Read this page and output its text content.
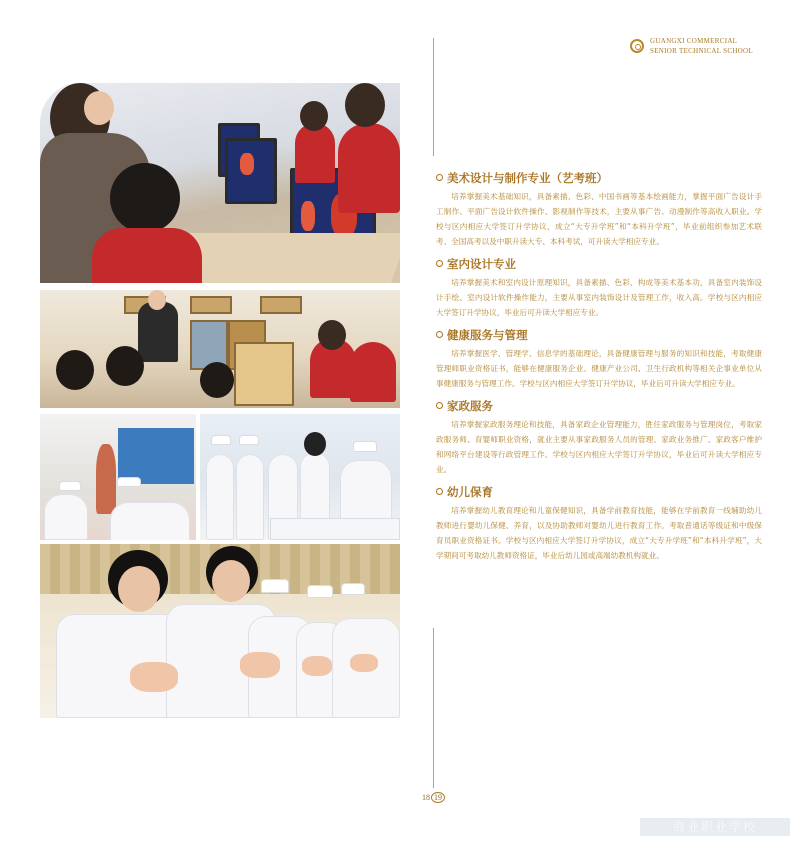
GUANGXI COMMERCIAL
SENIOR TECHNICAL SCHOOL
美术设计与制作专业（艺考班）
培养掌握美术基础知识，具备素描、色彩、中国书画等基本绘画能力，掌握平面广告设计手工制作、平面广告设计软件操作、影视制作等技术，主要从事广告、动漫制作等高收入职业。学校与区内相应大学签订升学协议，成立“大专升学班”和“本科升学班”，毕业前组织参加艺术联考、全国高考以及中职升读大专、本科考试，可升读大学相应专业。
室内设计专业
培养掌握美术和室内设计原理知识，具备素描、色彩、构成等美术基本功，具备室内装饰设计手绘、室内设计软件操作能力，主要从事室内装饰设计及管理工作，收入高。学校与区内相应大学签订升学协议，毕业后可升读大学相应专业。
健康服务与管理
培养掌握医学、管理学、信息学的基础理论，具备健康管理与服务的知识和技能，考取健康管理师职业资格证书，能够在健康服务企业、健康产业公司、卫生行政机构等相关企事业单位从事健康服务与管理工作。学校与区内相应大学签订升学协议，毕业后可升读大学相应专业。
家政服务
培养掌握家政服务理论和技能，具备家政企业管理能力，胜任家政服务与管理岗位，考取家政服务师、育婴师职业资格，就业主要从事家政服务人员的管理、家政业务推广、家政客户维护和网络平台建设等行政管理工作。学校与区内相应大学签订升学协议，毕业后可升读大学相应专业。
幼儿保育
培养掌握幼儿教育理论和儿童保健知识，具备学前教育技能，能够在学前教育一线辅助幼儿教师进行婴幼儿保健、养育，以及协助教师对婴幼儿进行教育工作。考取普通话等级证和中级保育员职业资格证书。学校与区内相应大学签订升学协议，成立“大专升学班”和“本科升学班”，大学期间可考取幼儿教师资格证，毕业后幼儿园或高端幼教机构就业。
18 19
商业职业学校
